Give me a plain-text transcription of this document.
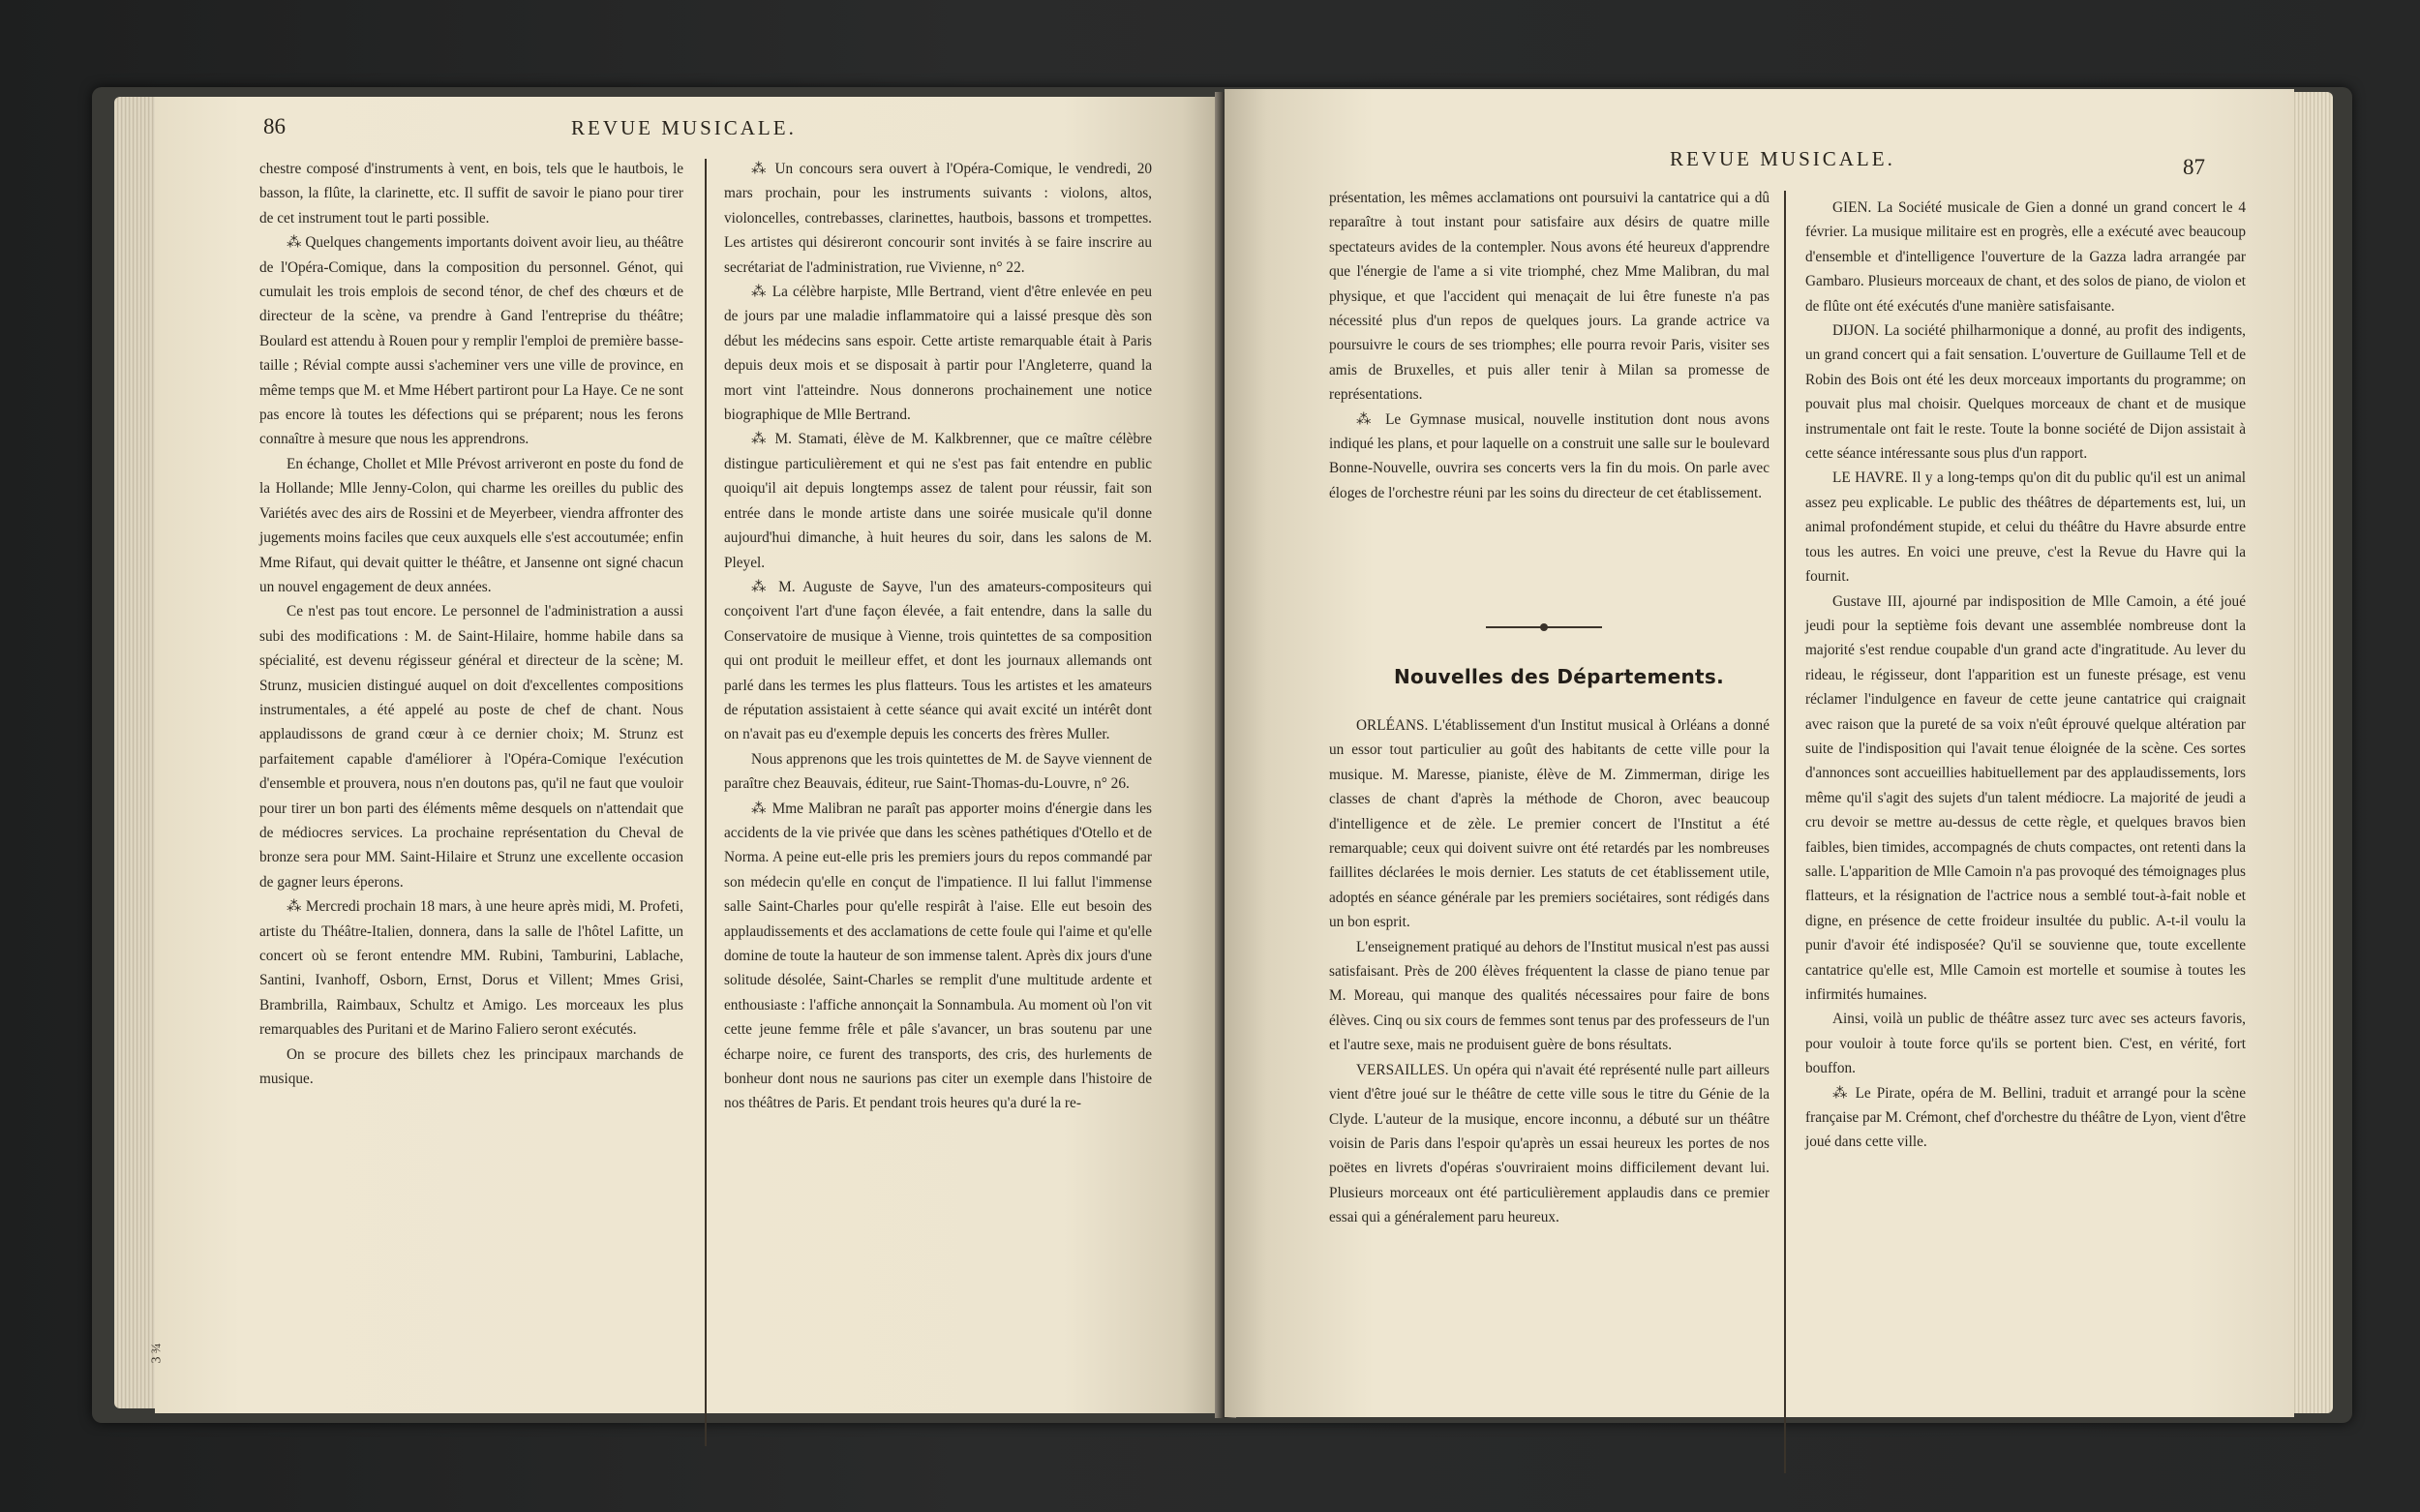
86	REVUE MUSICALE.

chestre composé d'instruments à vent, en bois, tels que le hautbois, le basson, la flûte, la clarinette, etc. Il suffit de savoir le piano pour tirer de cet instrument tout le parti possible.

⁂ Quelques changements importants doivent avoir lieu, au théâtre de l'Opéra-Comique, dans la composition du personnel. Génot, qui cumulait les trois emplois de second ténor, de chef des chœurs et de directeur de la scène, va prendre à Gand l'entreprise du théâtre; Boulard est attendu à Rouen pour y remplir l'emploi de première basse-taille ; Révial compte aussi s'acheminer vers une ville de province, en même temps que M. et Mme Hébert partiront pour La Haye. Ce ne sont pas encore là toutes les défections qui se préparent; nous les ferons connaître à mesure que nous les apprendrons.

En échange, Chollet et Mlle Prévost arriveront en poste du fond de la Hollande; Mlle Jenny-Colon, qui charme les oreilles du public des Variétés avec des airs de Rossini et de Meyerbeer, viendra affronter des jugements moins faciles que ceux auxquels elle s'est accoutumée; enfin Mme Rifaut, qui devait quitter le théâtre, et Jansenne ont signé chacun un nouvel engagement de deux années.

Ce n'est pas tout encore. Le personnel de l'administration a aussi subi des modifications : M. de Saint-Hilaire, homme habile dans sa spécialité, est devenu régisseur général et directeur de la scène; M. Strunz, musicien distingué auquel on doit d'excellentes compositions instrumentales, a été appelé au poste de chef de chant. Nous applaudissons de grand cœur à ce dernier choix; M. Strunz est parfaitement capable d'améliorer à l'Opéra-Comique l'exécution d'ensemble et prouvera, nous n'en doutons pas, qu'il ne faut que vouloir pour tirer un bon parti des éléments même desquels on n'attendait que de médiocres services. La prochaine représentation du Cheval de bronze sera pour MM. Saint-Hilaire et Strunz une excellente occasion de gagner leurs éperons.

⁂ Mercredi prochain 18 mars, à une heure après midi, M. Profeti, artiste du Théâtre-Italien, donnera, dans la salle de l'hôtel Lafitte, un concert où se feront entendre MM. Rubini, Tamburini, Lablache, Santini, Ivanhoff, Osborn, Ernst, Dorus et Villent; Mmes Grisi, Brambrilla, Raimbaux, Schultz et Amigo. Les morceaux les plus remarquables des Puritani et de Marino Faliero seront exécutés.

On se procure des billets chez les principaux marchands de musique.

⁂ Un concours sera ouvert à l'Opéra-Comique, le vendredi, 20 mars prochain, pour les instruments suivants : violons, altos, violoncelles, contrebasses, clarinettes, hautbois, bassons et trompettes. Les artistes qui désireront concourir sont invités à se faire inscrire au secrétariat de l'administration, rue Vivienne, n° 22.

⁂ La célèbre harpiste, Mlle Bertrand, vient d'être enlevée en peu de jours par une maladie inflammatoire qui a laissé presque dès son début les médecins sans espoir. Cette artiste remarquable était à Paris depuis deux mois et se disposait à partir pour l'Angleterre, quand la mort vint l'atteindre. Nous donnerons prochainement une notice biographique de Mlle Bertrand.

⁂ M. Stamati, élève de M. Kalkbrenner, que ce maître célèbre distingue particulièrement et qui ne s'est pas fait entendre en public quoiqu'il ait depuis longtemps assez de talent pour réussir, fait son entrée dans le monde artiste dans une soirée musicale qu'il donne aujourd'hui dimanche, à huit heures du soir, dans les salons de M. Pleyel.

⁂ M. Auguste de Sayve, l'un des amateurs-compositeurs qui conçoivent l'art d'une façon élevée, a fait entendre, dans la salle du Conservatoire de musique à Vienne, trois quintettes de sa composition qui ont produit le meilleur effet, et dont les journaux allemands ont parlé dans les termes les plus flatteurs. Tous les artistes et les amateurs de réputation assistaient à cette séance qui avait excité un intérêt dont on n'avait pas eu d'exemple depuis les concerts des frères Muller.

Nous apprenons que les trois quintettes de M. de Sayve viennent de paraître chez Beauvais, éditeur, rue Saint-Thomas-du-Louvre, n° 26.

⁂ Mme Malibran ne paraît pas apporter moins d'énergie dans les accidents de la vie privée que dans les scènes pathétiques d'Otello et de Norma. A peine eut-elle pris les premiers jours du repos commandé par son médecin qu'elle en conçut de l'impatience. Il lui fallut l'immense salle Saint-Charles pour qu'elle respirât à l'aise. Elle eut besoin des applaudissements et des acclamations de cette foule qui l'aime et qu'elle domine de toute la hauteur de son immense talent. Après dix jours d'une solitude désolée, Saint-Charles se remplit d'une multitude ardente et enthousiaste : l'affiche annonçait la Sonnambula. Au moment où l'on vit cette jeune femme frêle et pâle s'avancer, un bras soutenu par une écharpe noire, ce furent des transports, des cris, des hurlements de bonheur dont nous ne saurions pas citer un exemple dans l'histoire de nos théâtres de Paris. Et pendant trois heures qu'a duré la re-

3 ¾
REVUE MUSICALE.	87

présentation, les mêmes acclamations ont poursuivi la cantatrice qui a dû reparaître à tout instant pour satisfaire aux désirs de quatre mille spectateurs avides de la contempler. Nous avons été heureux d'apprendre que l'énergie de l'ame a si vite triomphé, chez Mme Malibran, du mal physique, et que l'accident qui menaçait de lui être funeste n'a pas nécessité plus d'un repos de quelques jours. La grande actrice va poursuivre le cours de ses triomphes; elle pourra revoir Paris, visiter ses amis de Bruxelles, et puis aller tenir à Milan sa promesse de représentations.

⁂ Le Gymnase musical, nouvelle institution dont nous avons indiqué les plans, et pour laquelle on a construit une salle sur le boulevard Bonne-Nouvelle, ouvrira ses concerts vers la fin du mois. On parle avec éloges de l'orchestre réuni par les soins du directeur de cet établissement.

Nouvelles des Départements.

ORLÉANS. L'établissement d'un Institut musical à Orléans a donné un essor tout particulier au goût des habitants de cette ville pour la musique. M. Maresse, pianiste, élève de M. Zimmerman, dirige les classes de chant d'après la méthode de Choron, avec beaucoup d'intelligence et de zèle. Le premier concert de l'Institut a été remarquable; ceux qui doivent suivre ont été retardés par les nombreuses faillites déclarées le mois dernier. Les statuts de cet établissement utile, adoptés en séance générale par les premiers sociétaires, sont rédigés dans un bon esprit.

L'enseignement pratiqué au dehors de l'Institut musical n'est pas aussi satisfaisant. Près de 200 élèves fréquentent la classe de piano tenue par M. Moreau, qui manque des qualités nécessaires pour faire de bons élèves. Cinq ou six cours de femmes sont tenus par des professeurs de l'un et l'autre sexe, mais ne produisent guère de bons résultats.

VERSAILLES. Un opéra qui n'avait été représenté nulle part ailleurs vient d'être joué sur le théâtre de cette ville sous le titre du Génie de la Clyde. L'auteur de la musique, encore inconnu, a débuté sur un théâtre voisin de Paris dans l'espoir qu'après un essai heureux les portes de nos poëtes en livrets d'opéras s'ouvriraient moins difficilement devant lui. Plusieurs morceaux ont été particulièrement applaudis dans ce premier essai qui a généralement paru heureux.

GIEN. La Société musicale de Gien a donné un grand concert le 4 février. La musique militaire est en progrès, elle a exécuté avec beaucoup d'ensemble et d'intelligence l'ouverture de la Gazza ladra arrangée par Gambaro. Plusieurs morceaux de chant, et des solos de piano, de violon et de flûte ont été exécutés d'une manière satisfaisante.

DIJON. La société philharmonique a donné, au profit des indigents, un grand concert qui a fait sensation. L'ouverture de Guillaume Tell et de Robin des Bois ont été les deux morceaux importants du programme; on pouvait plus mal choisir. Quelques morceaux de chant et de musique instrumentale ont fait le reste. Toute la bonne société de Dijon assistait à cette séance intéressante sous plus d'un rapport.

LE HAVRE. Il y a long-temps qu'on dit du public qu'il est un animal assez peu explicable. Le public des théâtres de départements est, lui, un animal profondément stupide, et celui du théâtre du Havre absurde entre tous les autres. En voici une preuve, c'est la Revue du Havre qui la fournit.

Gustave III, ajourné par indisposition de Mlle Camoin, a été joué jeudi pour la septième fois devant une assemblée nombreuse dont la majorité s'est rendue coupable d'un grand acte d'ingratitude. Au lever du rideau, le régisseur, dont l'apparition est un funeste présage, est venu réclamer l'indulgence en faveur de cette jeune cantatrice qui craignait avec raison que la pureté de sa voix n'eût éprouvé quelque altération par suite de l'indisposition qui l'avait tenue éloignée de la scène. Ces sortes d'annonces sont accueillies habituellement par des applaudissements, lors même qu'il s'agit des sujets d'un talent médiocre. La majorité de jeudi a cru devoir se mettre au-dessus de cette règle, et quelques bravos bien faibles, bien timides, accompagnés de chuts compactes, ont retenti dans la salle. L'apparition de Mlle Camoin n'a pas provoqué des témoignages plus flatteurs, et la résignation de l'actrice nous a semblé tout-à-fait noble et digne, en présence de cette froideur insultée du public. A-t-il voulu la punir d'avoir été indisposée? Qu'il se souvienne que, toute excellente cantatrice qu'elle est, Mlle Camoin est mortelle et soumise à toutes les infirmités humaines.

Ainsi, voilà un public de théâtre assez turc avec ses acteurs favoris, pour vouloir à toute force qu'ils se portent bien. C'est, en vérité, fort bouffon.

⁂ Le Pirate, opéra de M. Bellini, traduit et arrangé pour la scène française par M. Crémont, chef d'orchestre du théâtre de Lyon, vient d'être joué dans cette ville.
